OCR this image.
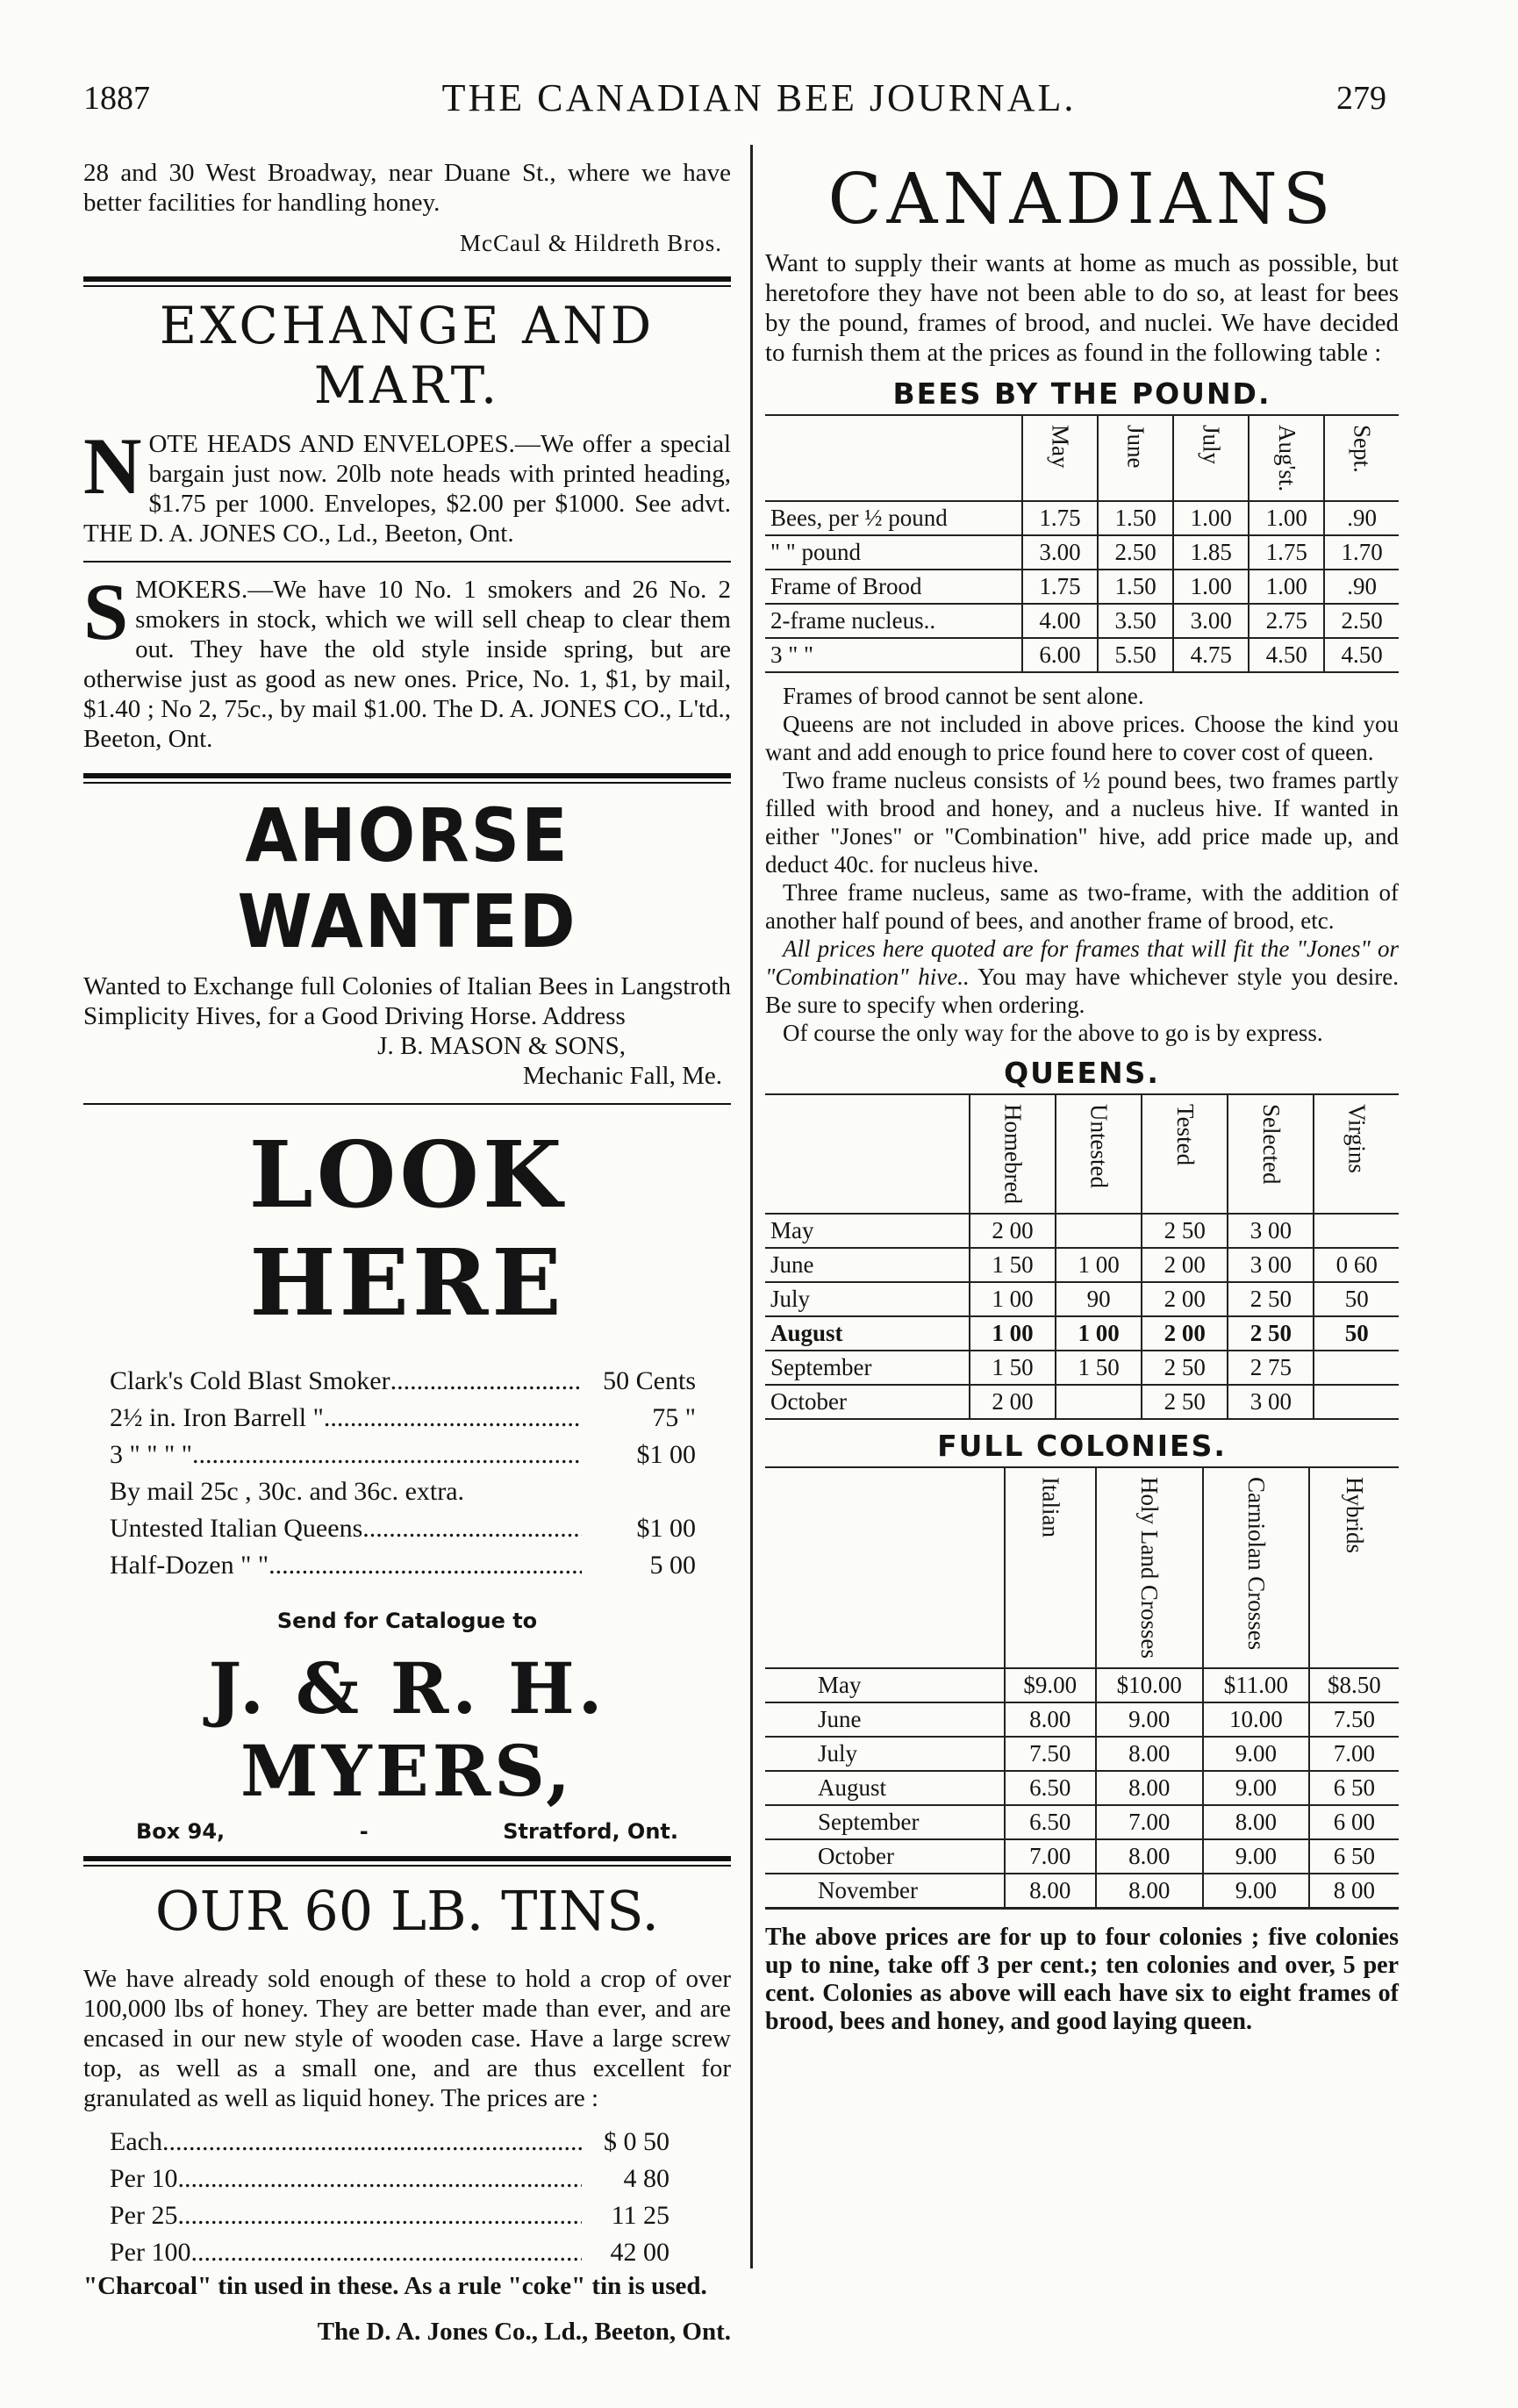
1887	THE CANADIAN BEE JOURNAL.	279

28 and 30 West Broadway, near Duane St., where we have better facilities for handling honey.

McCaul & Hildreth Bros.

EXCHANGE AND MART.
N OTE HEADS AND ENVELOPES.—We offer a special bargain just now. 20lb note heads with printed heading, $1.75 per 1000. Envelopes, $2.00 per $1000. See advt. THE D. A. JONES CO., Ld., Beeton, Ont.

S MOKERS.—We have 10 No. 1 smokers and 26 No. 2 smokers in stock, which we will sell cheap to clear them out. They have the old style inside spring, but are otherwise just as good as new ones. Price, No. 1, $1, by mail, $1.40 ; No 2, 75c., by mail $1.00. The D. A. JONES CO., L'td., Beeton, Ont.

AHORSE WANTED

Wanted to Exchange full Colonies of Italian Bees in Langstroth Simplicity Hives, for a Good Driving Horse. Address

J. B. MASON & SONS,

Mechanic Fall, Me.

LOOK HERE
Clark's Cold Blast Smoker .....	50 Cents
2½ in. Iron Barrell " .....	75 "
3 " " " " .....	$1 00

By mail 25c , 30c. and 36c. extra.

Untested Italian Queens .....	$1 00
Half-Dozen " " .....	5 00
Send for Catalogue to
J. & R. H. MYERS,
Box 94,	-	Stratford, Ont.
OUR 60 LB. TINS.

We have already sold enough of these to hold a crop of over 100,000 lbs of honey. They are better made than ever, and are encased in our new style of wooden case. Have a large screw top, as well as a small one, and are thus excellent for granulated as well as liquid honey. The prices are :

Each .....	$ 0 50
Per 10 .....	4 80
Per 25 .....	11 25
Per 100 .....	42 00

"Charcoal" tin used in these. As a rule "coke" tin is used.

The D. A. Jones Co., Ld., Beeton, Ont.

CANADIANS

Want to supply their wants at home as much as possible, but heretofore they have not been able to do so, at least for bees by the pound, frames of brood, and nuclei. We have decided to furnish them at the prices as found in the following table :

BEES BY THE POUND.
	May	June	July	Aug'st.	Sept.
Bees, per ½ pound	1.75	1.50	1.00	1.00	.90
" " pound	3.00	2.50	1.85	1.75	1.70
Frame of Brood	1.75	1.50	1.00	1.00	.90
2-frame nucleus..	4.00	3.50	3.00	2.75	2.50
3 " "	6.00	5.50	4.75	4.50	4.50

Frames of brood cannot be sent alone.

Queens are not included in above prices. Choose the kind you want and add enough to price found here to cover cost of queen.

Two frame nucleus consists of ½ pound bees, two frames partly filled with brood and honey, and a nucleus hive. If wanted in either "Jones" or "Combination" hive, add price made up, and deduct 40c. for nucleus hive.

Three frame nucleus, same as two-frame, with the addition of another half pound of bees, and another frame of brood, etc.

All prices here quoted are for frames that will fit the "Jones" or "Combination" hive.. You may have whichever style you desire. Be sure to specify when ordering.

Of course the only way for the above to go is by express.

QUEENS.
	Homebred	Untested	Tested	Selected	Virgins
May	2 00		2 50	3 00	
June	1 50	1 00	2 00	3 00	0 60
July	1 00	90	2 00	2 50	50
August	1 00	1 00	2 00	2 50	50
September	1 50	1 50	2 50	2 75	
October	2 00		2 50	3 00	
FULL COLONIES.
	Italian	Holy Land Crosses	Carniolan Crosses	Hybrids
May	$9.00	$10.00	$11.00	$8.50
June	8.00	9.00	10.00	7.50
July	7.50	8.00	9.00	7.00
August	6.50	8.00	9.00	6 50
September	6.50	7.00	8.00	6 00
October	7.00	8.00	9.00	6 50
November	8.00	8.00	9.00	8 00

The above prices are for up to four colonies ; five colonies up to nine, take off 3 per cent.; ten colonies and over, 5 per cent. Colonies as above will each have six to eight frames of brood, bees and honey, and good laying queen.
